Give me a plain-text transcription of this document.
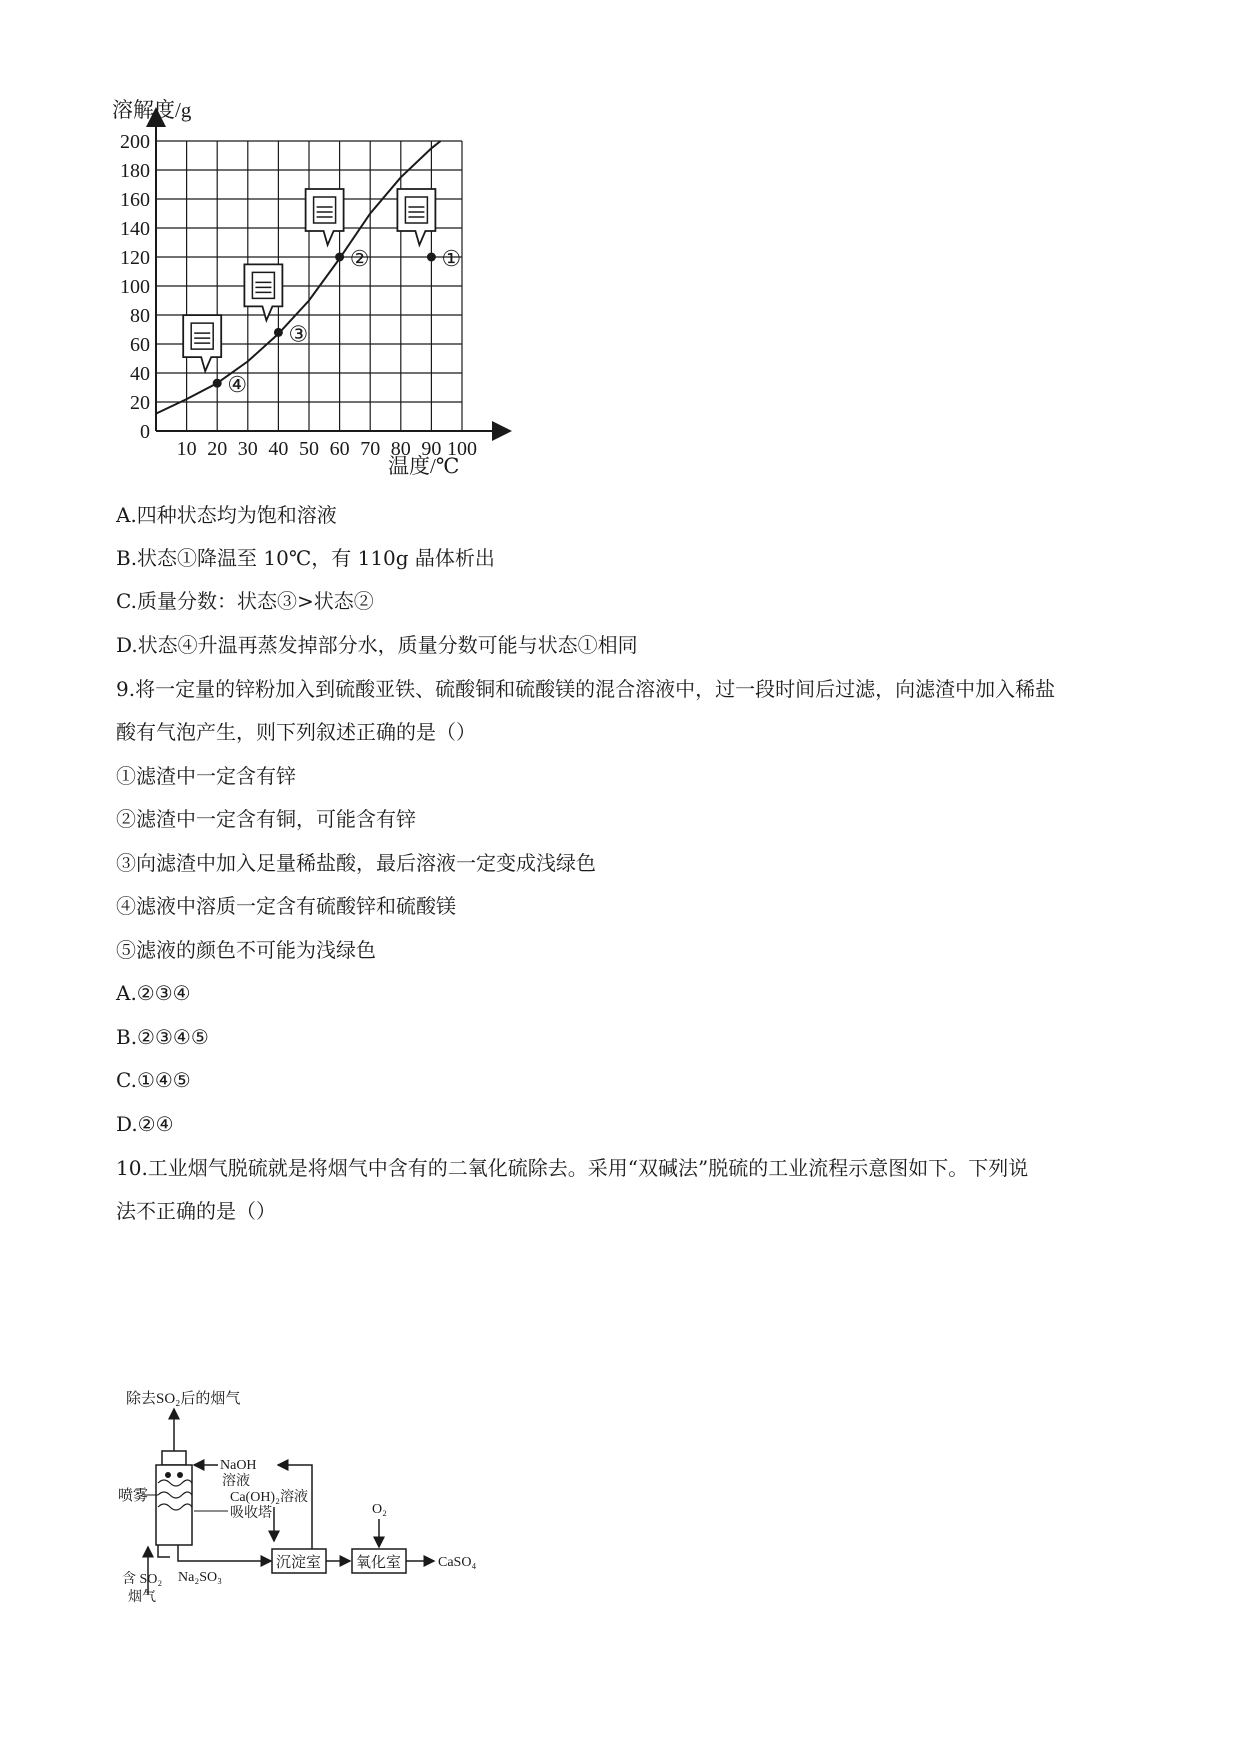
溶解度/g
0
20
40
60
80
100
120
140
160
180
200
10 20 30 40 50 60 70 80 90 100
①
②
③
④
温度/℃
A.四种状态均为饱和溶液
B.状态①降温至 10℃，有 110g 晶体析出
C.质量分数：状态③>状态②
D.状态④升温再蒸发掉部分水，质量分数可能与状态①相同
9.将一定量的锌粉加入到硫酸亚铁、硫酸铜和硫酸镁的混合溶液中，过一段时间后过滤，向滤渣中加入稀盐
酸有气泡产生，则下列叙述正确的是（）
①滤渣中一定含有锌
②滤渣中一定含有铜，可能含有锌
③向滤渣中加入足量稀盐酸，最后溶液一定变成浅绿色
④滤液中溶质一定含有硫酸锌和硫酸镁
⑤滤液的颜色不可能为浅绿色
A.②③④
B.②③④⑤
C.①④⑤
D.②④
10.工业烟气脱硫就是将烟气中含有的二氧化硫除去。采用“双碱法”脱硫的工业流程示意图如下。下列说
法不正确的是（）
除去SO₂后的烟气
喷雾
NaOH
溶液
Ca(OH)₂溶液
吸收塔
含 SO₂
烟气
Na₂SO₃
沉淀室 氧化室
O₂
CaSO₄
